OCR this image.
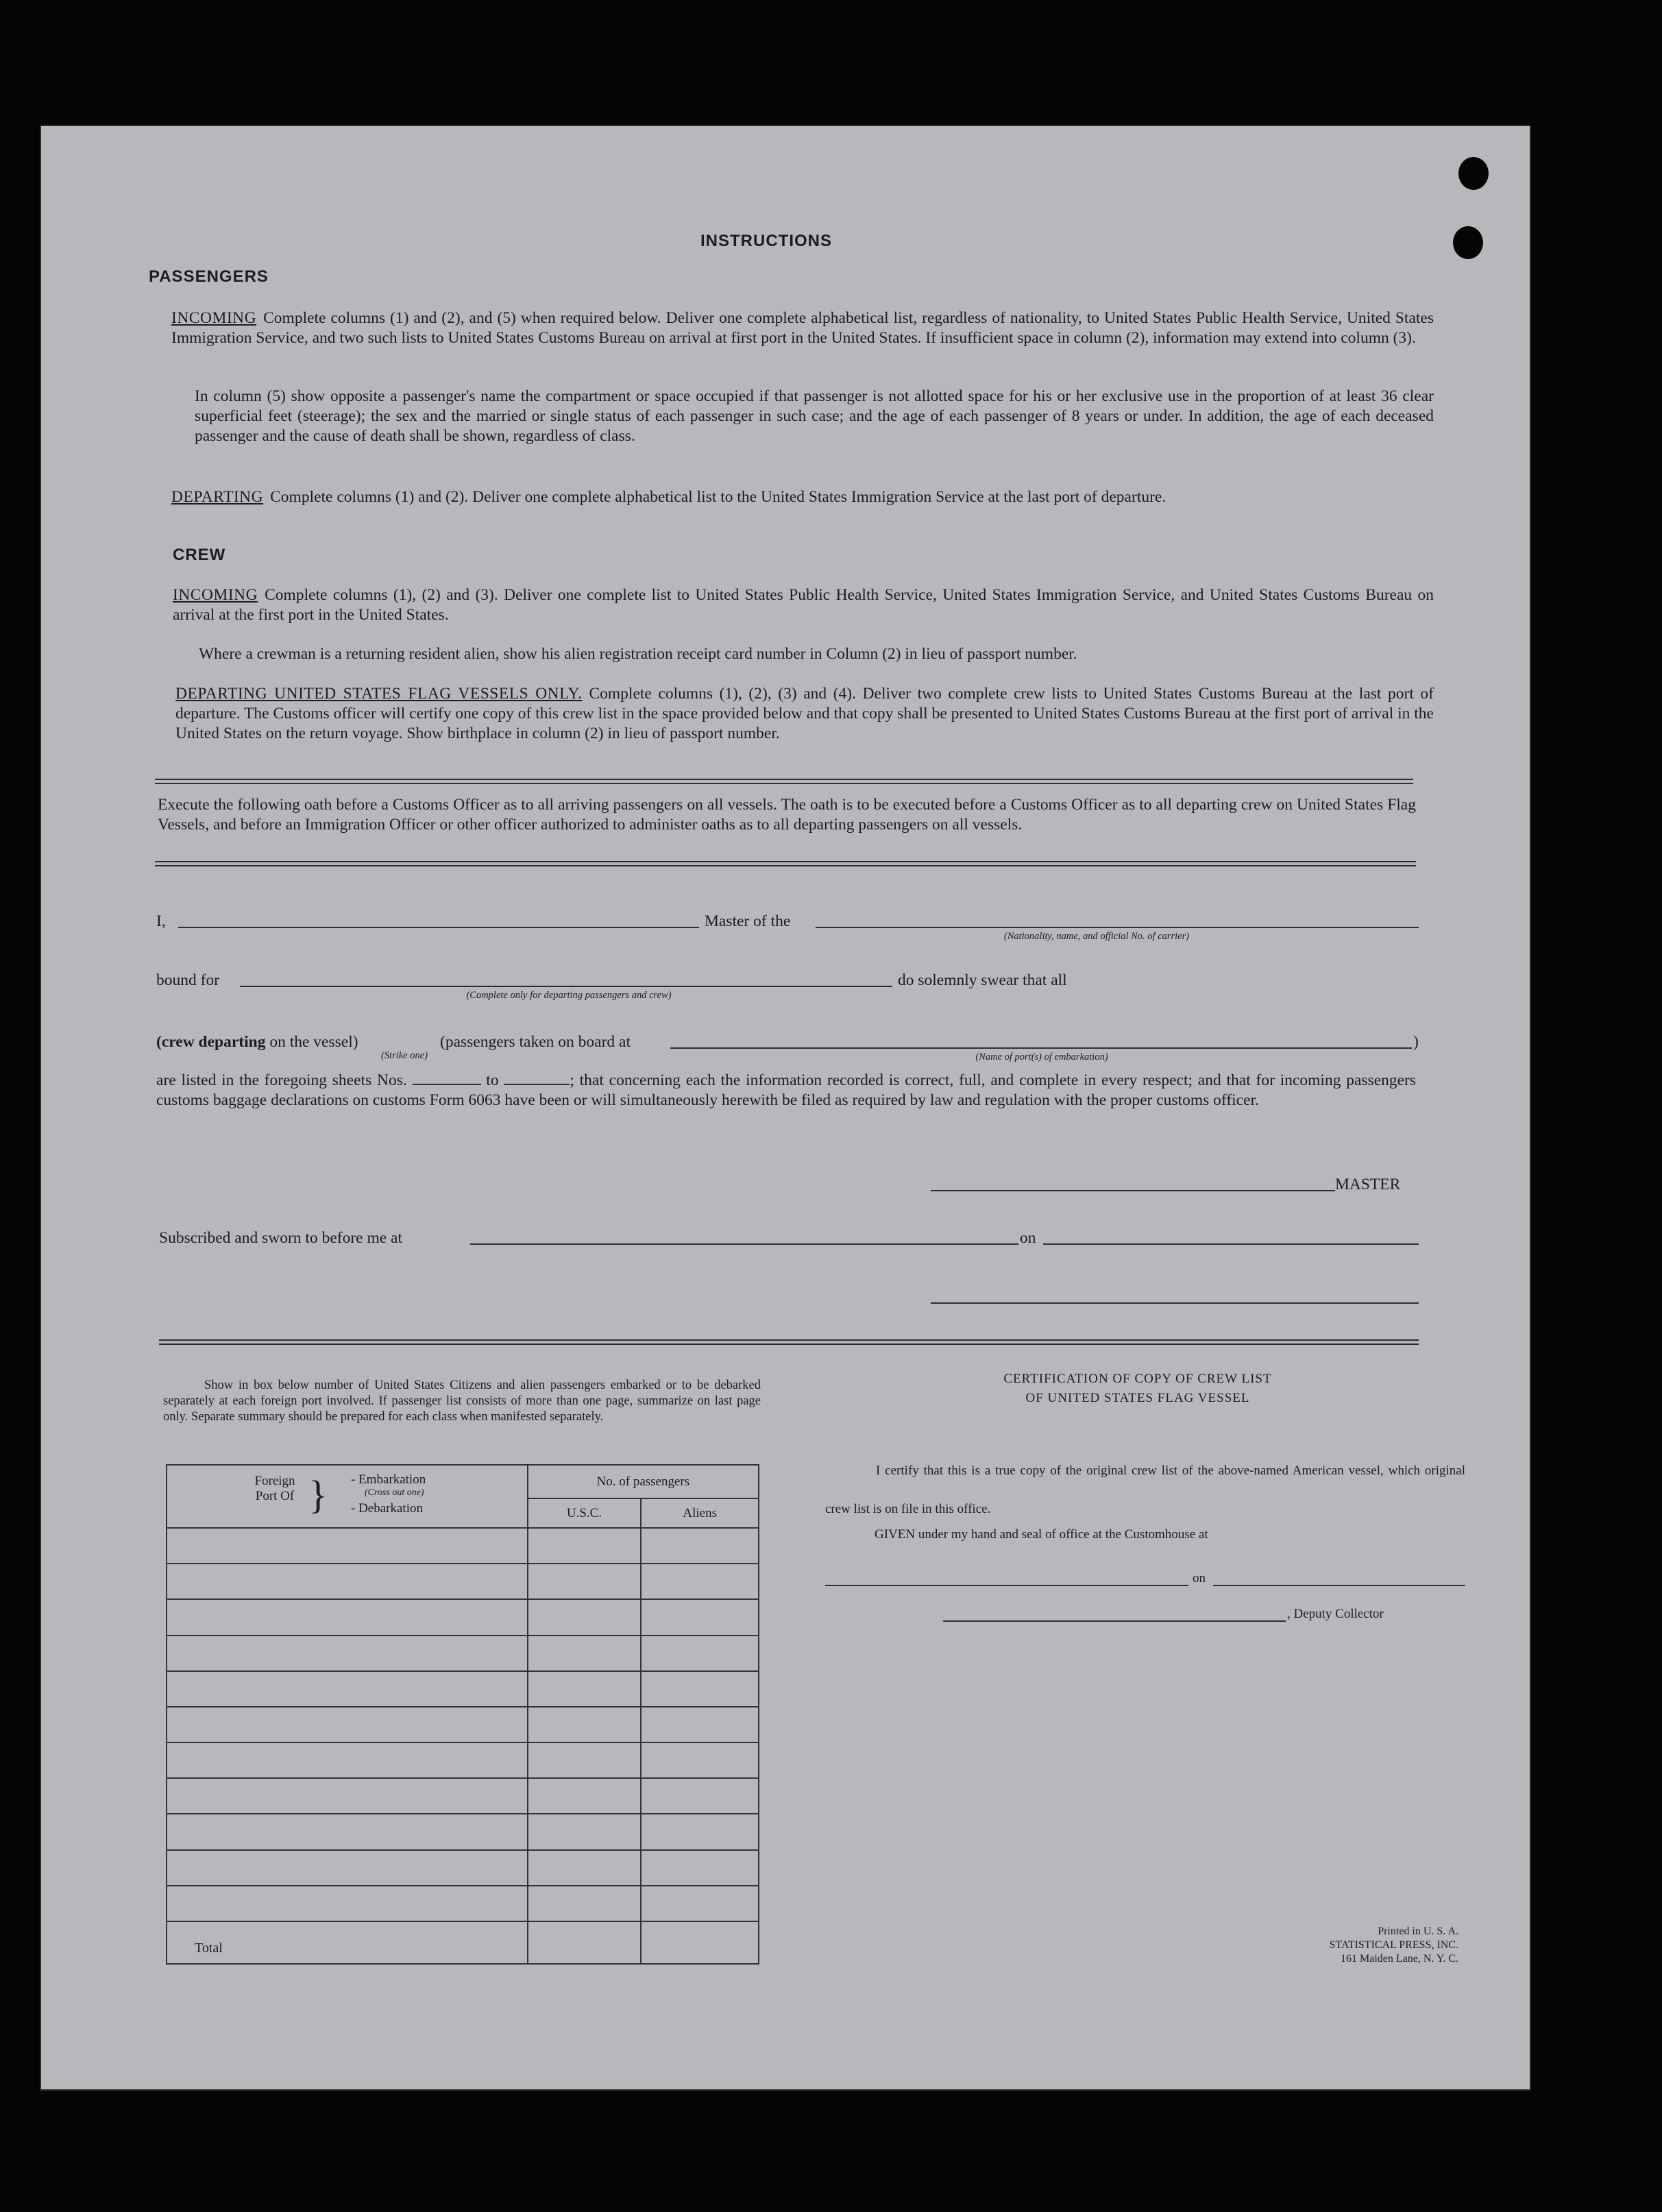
INSTRUCTIONS
PASSENGERS
INCOMING Complete columns (1) and (2), and (5) when required below. Deliver one complete alphabetical list, regardless of nationality, to United States Public Health Service, United States Immigration Service, and two such lists to United States Customs Bureau on arrival at first port in the United States. If insufficient space in column (2), information may extend into column (3).
In column (5) show opposite a passenger's name the compartment or space occupied if that passenger is not allotted space for his or her exclusive use in the proportion of at least 36 clear superficial feet (steerage); the sex and the married or single status of each passenger in such case; and the age of each passenger of 8 years or under. In addition, the age of each deceased passenger and the cause of death shall be shown, regardless of class.
DEPARTING Complete columns (1) and (2). Deliver one complete alphabetical list to the United States Immigration Service at the last port of departure.
CREW
INCOMING Complete columns (1), (2) and (3). Deliver one complete list to United States Public Health Service, United States Immigration Service, and United States Customs Bureau on arrival at the first port in the United States.
Where a crewman is a returning resident alien, show his alien registration receipt card number in Column (2) in lieu of passport number.
DEPARTING UNITED STATES FLAG VESSELS ONLY. Complete columns (1), (2), (3) and (4). Deliver two complete crew lists to United States Customs Bureau at the last port of departure. The Customs officer will certify one copy of this crew list in the space provided below and that copy shall be presented to United States Customs Bureau at the first port of arrival in the United States on the return voyage. Show birthplace in column (2) in lieu of passport number.
Execute the following oath before a Customs Officer as to all arriving passengers on all vessels. The oath is to be executed before a Customs Officer as to all departing crew on United States Flag Vessels, and before an Immigration Officer or other officer authorized to administer oaths as to all departing passengers on all vessels.
I,	Master of the
(Nationality, name, and official No. of carrier)
bound for
(Complete only for departing passengers and crew)
do solemnly swear that all
(crew departing on the vessel)
(Strike one)
(passengers taken on board at	)
(Name of port(s) of embarkation)
are listed in the foregoing sheets Nos.	to	; that concerning each the information recorded is correct, full, and complete in every respect; and that for incoming passengers customs baggage declarations on customs Form 6063 have been or will simultaneously herewith be filed as required by law and regulation with the proper customs officer.
MASTER
Subscribed and sworn to before me at	on
Show in box below number of United States Citizens and alien passengers embarked or to be debarked separately at each foreign port involved. If passenger list consists of more than one page, summarize on last page only. Separate summary should be prepared for each class when manifested separately.
Foreign Port Of } - Embarkation
(Cross out one)
- Debarkation	No. of passengers	
	U.S.C.	Aliens

Total		
CERTIFICATION OF COPY OF CREW LIST
OF UNITED STATES FLAG VESSEL
I certify that this is a true copy of the original crew list of the above-named American vessel, which original crew list is on file in this office.
GIVEN under my hand and seal of office at the Customhouse at
on
, Deputy Collector
Printed in U. S. A.
STATISTICAL PRESS, INC.
161 Maiden Lane, N. Y. C.
